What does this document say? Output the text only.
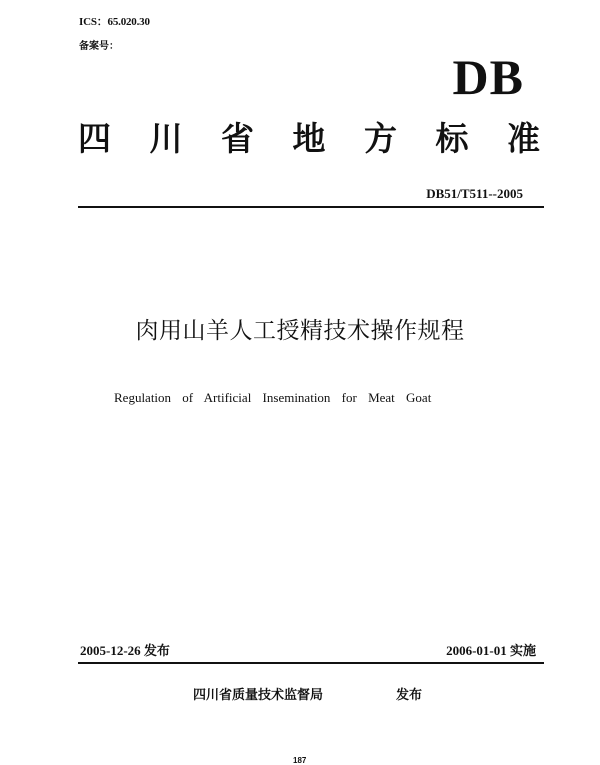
ICS：65.020.30
备案号：
DB
四 川 省 地 方 标 准
DB51/T511--2005
肉用山羊人工授精技术操作规程
Regulation of Artificial Insemination for Meat Goat
2005-12-26 发布	2006-01-01 实施
四川省质量技术监督局	发布
187
